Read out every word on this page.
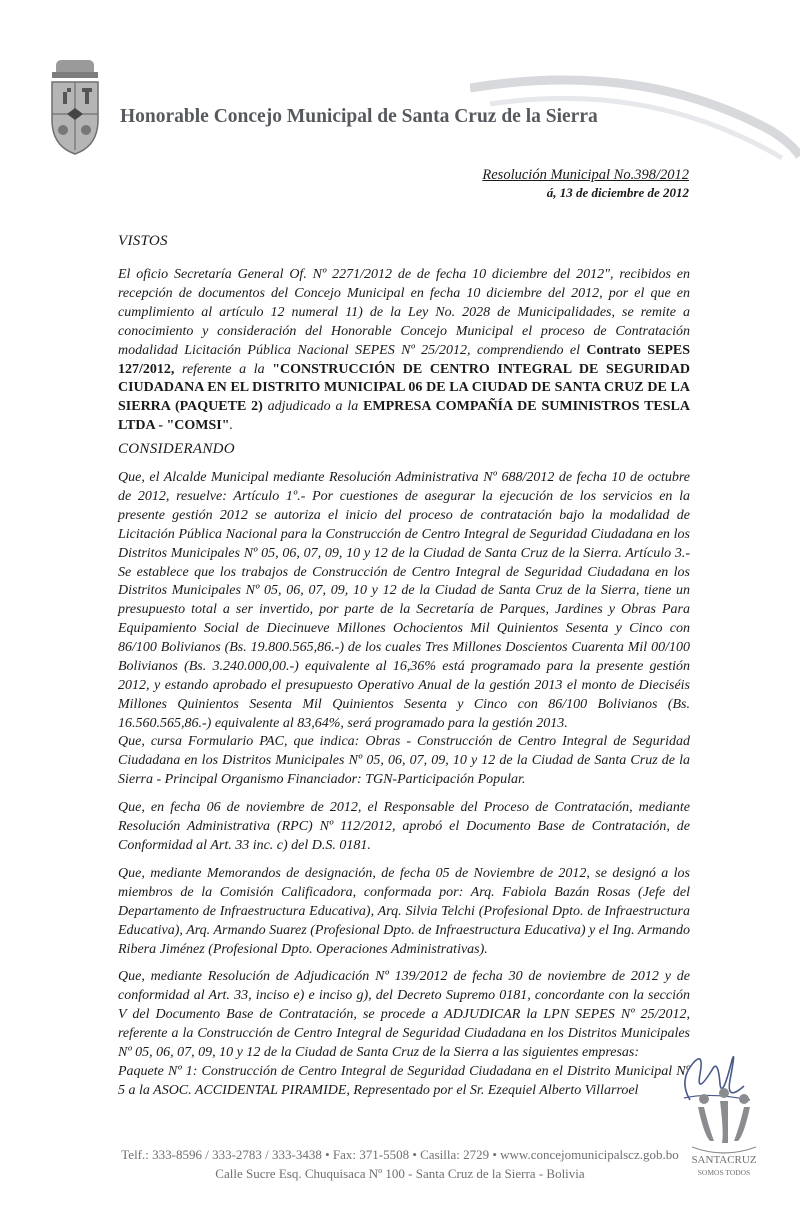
Honorable Concejo Municipal de Santa Cruz de la Sierra
Resolución Municipal No.398/2012
á, 13 de diciembre de 2012
VISTOS

El oficio Secretaría General Of. Nº 2271/2012 de de fecha 10 diciembre del 2012", recibidos en recepción de documentos del Concejo Municipal en fecha 10 diciembre del 2012, por el que en cumplimiento al artículo 12 numeral 11) de la Ley No. 2028 de Municipalidades, se remite a conocimiento y consideración del Honorable Concejo Municipal el proceso de Contratación modalidad Licitación Pública Nacional SEPES Nº 25/2012, comprendiendo el Contrato SEPES 127/2012, referente a la "CONSTRUCCIÓN DE CENTRO INTEGRAL DE SEGURIDAD CIUDADANA EN EL DISTRITO MUNICIPAL 06 DE LA CIUDAD DE SANTA CRUZ DE LA SIERRA (PAQUETE 2) adjudicado a la EMPRESA COMPAÑÍA DE SUMINISTROS TESLA LTDA - "COMSI".

CONSIDERANDO

Que, el Alcalde Municipal mediante Resolución Administrativa Nº 688/2012 de fecha 10 de octubre de 2012, resuelve: Artículo 1º.- Por cuestiones de asegurar la ejecución de los servicios en la presente gestión 2012 se autoriza el inicio del proceso de contratación bajo la modalidad de Licitación Pública Nacional para la Construcción de Centro Integral de Seguridad Ciudadana en los Distritos Municipales Nº 05, 06, 07, 09, 10 y 12 de la Ciudad de Santa Cruz de la Sierra. Artículo 3.- Se establece que los trabajos de Construcción de Centro Integral de Seguridad Ciudadana en los Distritos Municipales Nº 05, 06, 07, 09, 10 y 12 de la Ciudad de Santa Cruz de la Sierra, tiene un presupuesto total a ser invertido, por parte de la Secretaría de Parques, Jardines y Obras Para Equipamiento Social de Diecinueve Millones Ochocientos Mil Quinientos Sesenta y Cinco con 86/100 Bolivianos (Bs. 19.800.565,86.-) de los cuales Tres Millones Doscientos Cuarenta Mil 00/100 Bolivianos (Bs. 3.240.000,00.-) equivalente al 16,36% está programado para la presente gestión 2012, y estando aprobado el presupuesto Operativo Anual de la gestión 2013 el monto de Dieciséis Millones Quinientos Sesenta Mil Quinientos Sesenta y Cinco con 86/100 Bolivianos (Bs. 16.560.565,86.-) equivalente al 83,64%, será programado para la gestión 2013.

Que, cursa Formulario PAC, que indica: Obras - Construcción de Centro Integral de Seguridad Ciudadana en los Distritos Municipales Nº 05, 06, 07, 09, 10 y 12 de la Ciudad de Santa Cruz de la Sierra - Principal Organismo Financiador: TGN-Participación Popular.

Que, en fecha 06 de noviembre de 2012, el Responsable del Proceso de Contratación, mediante Resolución Administrativa (RPC) Nº 112/2012, aprobó el Documento Base de Contratación, de Conformidad al Art. 33 inc. c) del D.S. 0181.

Que, mediante Memorandos de designación, de fecha 05 de Noviembre de 2012, se designó a los miembros de la Comisión Calificadora, conformada por: Arq. Fabiola Bazán Rosas (Jefe del Departamento de Infraestructura Educativa), Arq. Silvia Telchi (Profesional Dpto. de Infraestructura Educativa), Arq. Armando Suarez (Profesional Dpto. de Infraestructura Educativa) y el Ing. Armando Ribera Jiménez (Profesional Dpto. Operaciones Administrativas).

Que, mediante Resolución de Adjudicación Nº 139/2012 de fecha 30 de noviembre de 2012 y de conformidad al Art. 33, inciso e) e inciso g), del Decreto Supremo 0181, concordante con la sección V del Documento Base de Contratación, se procede a ADJUDICAR la LPN SEPES Nº 25/2012, referente a la Construcción de Centro Integral de Seguridad Ciudadana en los Distritos Municipales Nº 05, 06, 07, 09, 10 y 12 de la Ciudad de Santa Cruz de la Sierra a las siguientes empresas:

Paquete Nº 1: Construcción de Centro Integral de Seguridad Ciudadana en el Distrito Municipal Nº 5 a la ASOC. ACCIDENTAL PIRAMIDE, Representado por el Sr. Ezequiel Alberto Villarroel

SANTACRUZ
SOMOS TODOS
Telf.: 333-8596 / 333-2783 / 333-3438 • Fax: 371-5508 • Casilla: 2729 • www.concejomunicipalscz.gob.bo
Calle Sucre Esq. Chuquisaca Nº 100 - Santa Cruz de la Sierra - Bolivia
